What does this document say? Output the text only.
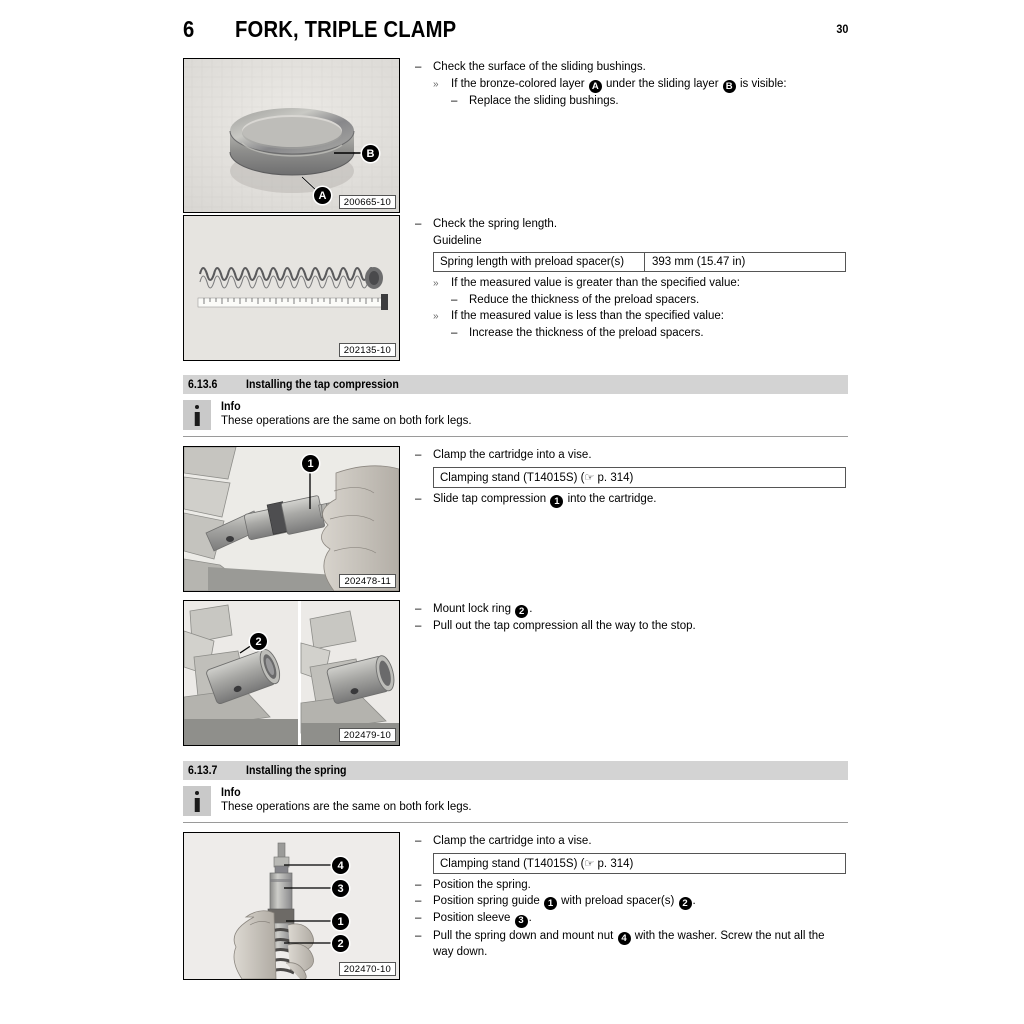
6 FORK, TRIPLE CLAMP	30
B
A
200665-10
–
Check the surface of the sliding bushings.
»
If the bronze-colored layer A under the sliding layer B is visible:
–
Replace the sliding bushings.
202135-10
–
Check the spring length.
Guideline
Spring length with preload spacer(s)	393 mm (15.47 in)
»
If the measured value is greater than the specified value:
–
Reduce the thickness of the preload spacers.
»
If the measured value is less than the specified value:
–
Increase the thickness of the preload spacers.
6.13.6	Installing the tap compression
Info
These operations are the same on both fork legs.
1
202478-11
–
Clamp the cartridge into a vise.
Clamping stand (T14015S) (☞ p. 314)
–
Slide tap compression 1 into the cartridge.
2
202479-10
–
Mount lock ring 2 .
–
Pull out the tap compression all the way to the stop.
6.13.7	Installing the spring
Info
These operations are the same on both fork legs.
4
3
1
2
202470-10
–
Clamp the cartridge into a vise.
Clamping stand (T14015S) (☞ p. 314)
–
Position the spring.
–
Position spring guide 1 with preload spacer(s) 2 .
–
Position sleeve 3 .
–
Pull the spring down and mount nut 4 with the washer. Screw the nut all the way down.
